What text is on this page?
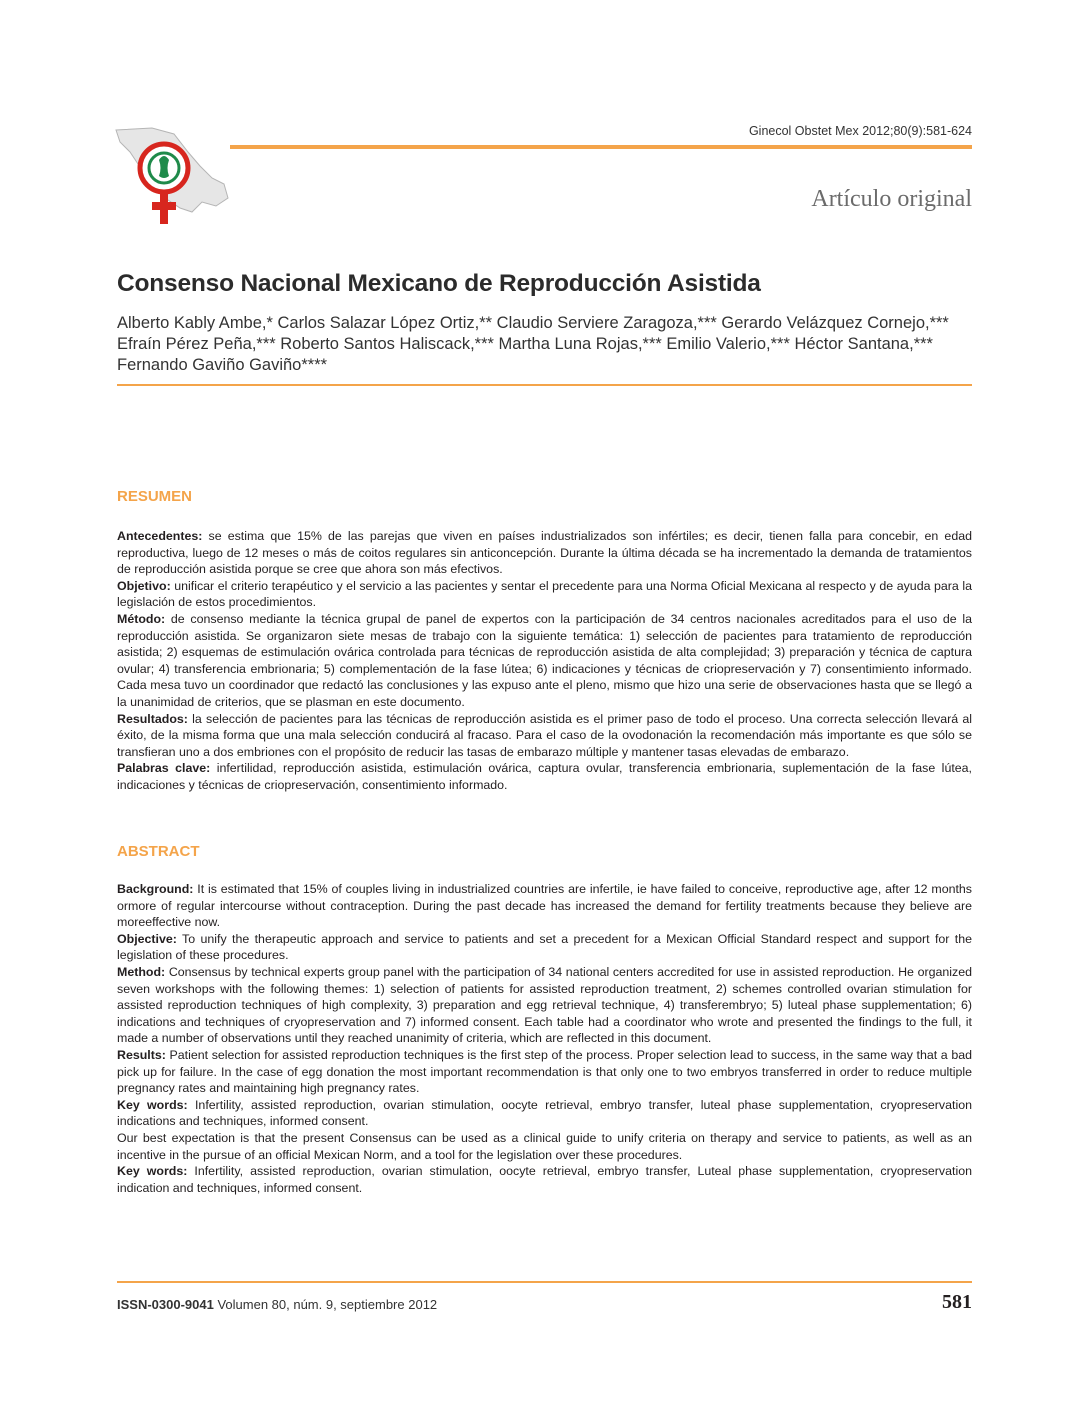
Ginecol Obstet Mex 2012;80(9):581-624
Artículo original
Consenso Nacional Mexicano de Reproducción Asistida
Alberto Kably Ambe,* Carlos Salazar López Ortiz,** Claudio Serviere Zaragoza,*** Gerardo Velázquez Cornejo,*** Efraín Pérez Peña,*** Roberto Santos Haliscack,*** Martha Luna Rojas,*** Emilio Valerio,*** Héctor Santana,*** Fernando Gaviño Gaviño****
RESUMEN

Antecedentes: se estima que 15% de las parejas que viven en países industrializados son infértiles; es decir, tienen falla para concebir, en edad reproductiva, luego de 12 meses o más de coitos regulares sin anticoncepción. Durante la última década se ha incrementado la demanda de tratamientos de reproducción asistida porque se cree que ahora son más efectivos.

Objetivo: unificar el criterio terapéutico y el servicio a las pacientes y sentar el precedente para una Norma Oficial Mexicana al respecto y de ayuda para la legislación de estos procedimientos.

Método: de consenso mediante la técnica grupal de panel de expertos con la participación de 34 centros nacionales acreditados para el uso de la reproducción asistida. Se organizaron siete mesas de trabajo con la siguiente temática: 1) selección de pacientes para tratamiento de reproducción asistida; 2) esquemas de estimulación ovárica controlada para técnicas de reproducción asistida de alta complejidad; 3) preparación y técnica de captura ovular; 4) transferencia embrionaria; 5) complementación de la fase lútea; 6) indicaciones y técnicas de criopreservación y 7) consentimiento informado. Cada mesa tuvo un coordinador que redactó las conclusiones y las expuso ante el pleno, mismo que hizo una serie de observaciones hasta que se llegó a la unanimidad de criterios, que se plasman en este documento.

Resultados: la selección de pacientes para las técnicas de reproducción asistida es el primer paso de todo el proceso. Una correcta selección llevará al éxito, de la misma forma que una mala selección conducirá al fracaso. Para el caso de la ovodonación la recomendación más importante es que sólo se transfieran uno a dos embriones con el propósito de reducir las tasas de embarazo múltiple y mantener tasas elevadas de embarazo.

Palabras clave: infertilidad, reproducción asistida, estimulación ovárica, captura ovular, transferencia embrionaria, suplementación de la fase lútea, indicaciones y técnicas de criopreservación, consentimiento informado.

ABSTRACT

Background: It is estimated that 15% of couples living in industrialized countries are infertile, ie have failed to conceive, reproductive age, after 12 months ormore of regular intercourse without contraception. During the past decade has increased the demand for fertility treatments because they believe are moreeffective now.

Objective: To unify the therapeutic approach and service to patients and set a precedent for a Mexican Official Standard respect and support for the legislation of these procedures.

Method: Consensus by technical experts group panel with the participation of 34 national centers accredited for use in assisted reproduction. He organized seven workshops with the following themes: 1) selection of patients for assisted reproduction treatment, 2) schemes controlled ovarian stimulation for assisted reproduction techniques of high complexity, 3) preparation and egg retrieval technique, 4) transferembryo; 5) luteal phase supplementation; 6) indications and techniques of cryopreservation and 7) informed consent. Each table had a coordinator who wrote and presented the findings to the full, it made a number of observations until they reached unanimity of criteria, which are reflected in this document.

Results: Patient selection for assisted reproduction techniques is the first step of the process. Proper selection lead to success, in the same way that a bad pick up for failure. In the case of egg donation the most important recommendation is that only one to two embryos transferred in order to reduce multiple pregnancy rates and maintaining high pregnancy rates.

Key words: Infertility, assisted reproduction, ovarian stimulation, oocyte retrieval, embryo transfer, luteal phase supplementation, cryopreservation indications and techniques, informed consent.

Our best expectation is that the present Consensus can be used as a clinical guide to unify criteria on therapy and service to patients, as well as an incentive in the pursue of an official Mexican Norm, and a tool for the legislation over these procedures.

Key words: Infertility, assisted reproduction, ovarian stimulation, oocyte retrieval, embryo transfer, Luteal phase supplementation, cryopreservation indication and techniques, informed consent.

ISSN-0300-9041 Volumen 80, núm. 9, septiembre 2012	581
